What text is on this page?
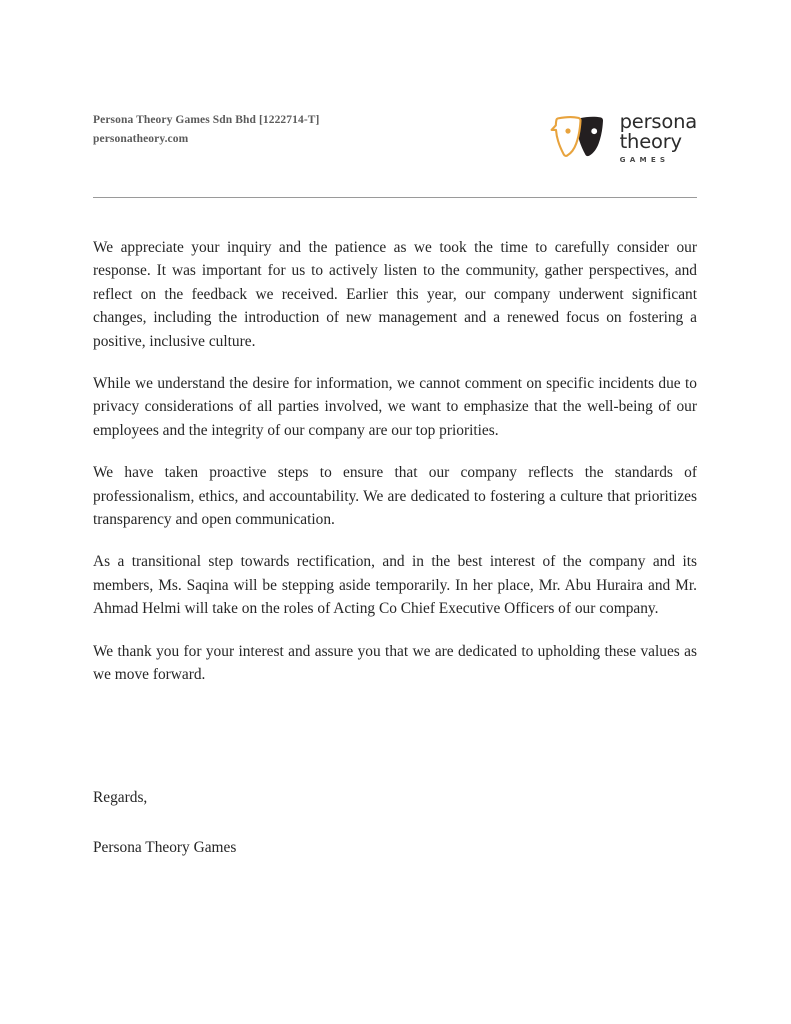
Persona Theory Games Sdn Bhd [1222714-T]
personatheory.com
persona
theory
GAMES

We appreciate your inquiry and the patience as we took the time to carefully consider our response. It was important for us to actively listen to the community, gather perspectives, and reflect on the feedback we received. Earlier this year, our company underwent significant changes, including the introduction of new management and a renewed focus on fostering a positive, inclusive culture.

While we understand the desire for information, we cannot comment on specific incidents due to privacy considerations of all parties involved, we want to emphasize that the well-being of our employees and the integrity of our company are our top priorities.

We have taken proactive steps to ensure that our company reflects the standards of professionalism, ethics, and accountability. We are dedicated to fostering a culture that prioritizes transparency and open communication.

As a transitional step towards rectification, and in the best interest of the company and its members, Ms. Saqina will be stepping aside temporarily. In her place, Mr. Abu Huraira and Mr. Ahmad Helmi will take on the roles of Acting Co Chief Executive Officers of our company.

We thank you for your interest and assure you that we are dedicated to upholding these values as we move forward.

Regards,

Persona Theory Games
